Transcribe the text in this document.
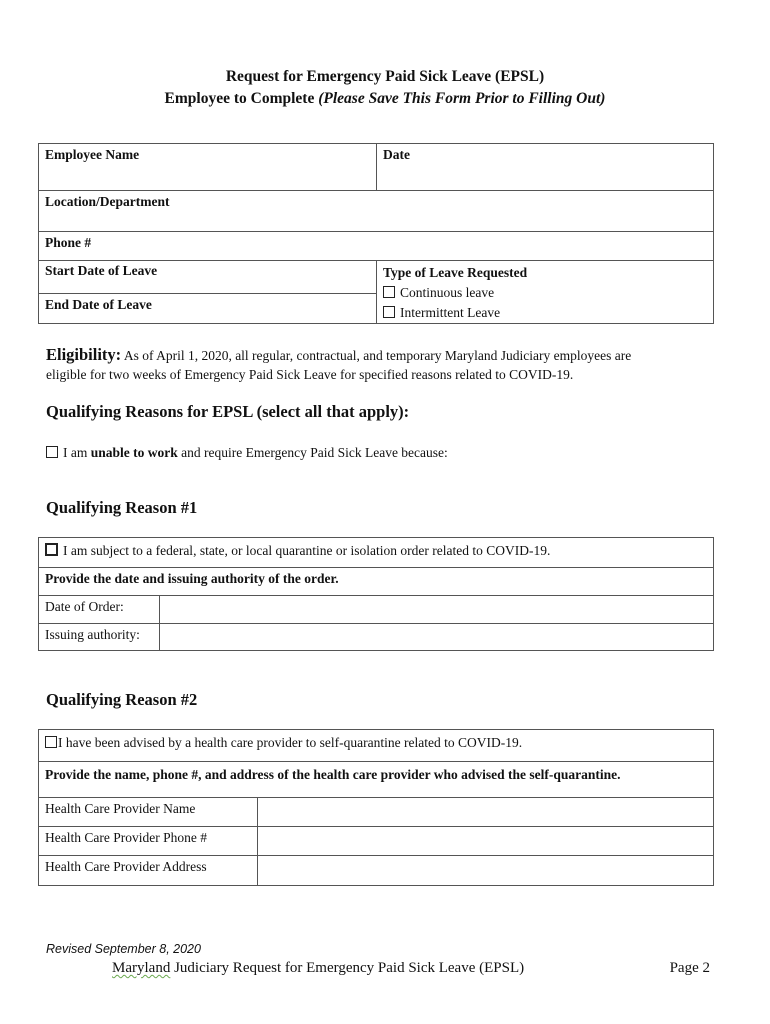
Request for Emergency Paid Sick Leave (EPSL)
Employee to Complete (Please Save This Form Prior to Filling Out)
Employee Name	Date
Location/Department	
Phone #	
Start Date of Leave	Type of Leave Requested
Continuous leave
Intermittent Leave

End Date of Leave	
Eligibility: As of April 1, 2020, all regular, contractual, and temporary Maryland Judiciary employees are
eligible for two weeks of Emergency Paid Sick Leave for specified reasons related to COVID-19.
Qualifying Reasons for EPSL (select all that apply):
I am unable to work and require Emergency Paid Sick Leave because:
Qualifying Reason #1
I am subject to a federal, state, or local quarantine or isolation order related to COVID-19.	
Provide the date and issuing authority of the order.	
Date of Order:	
Issuing authority:	
Qualifying Reason #2
I have been advised by a health care provider to self-quarantine related to COVID-19.	
Provide the name, phone #, and address of the health care provider who advised the self-quarantine.	
Health Care Provider Name	
Health Care Provider Phone #	
Health Care Provider Address	
Revised September 8, 2020
Maryland Judiciary Request for Emergency Paid Sick Leave (EPSL)	Page 2
